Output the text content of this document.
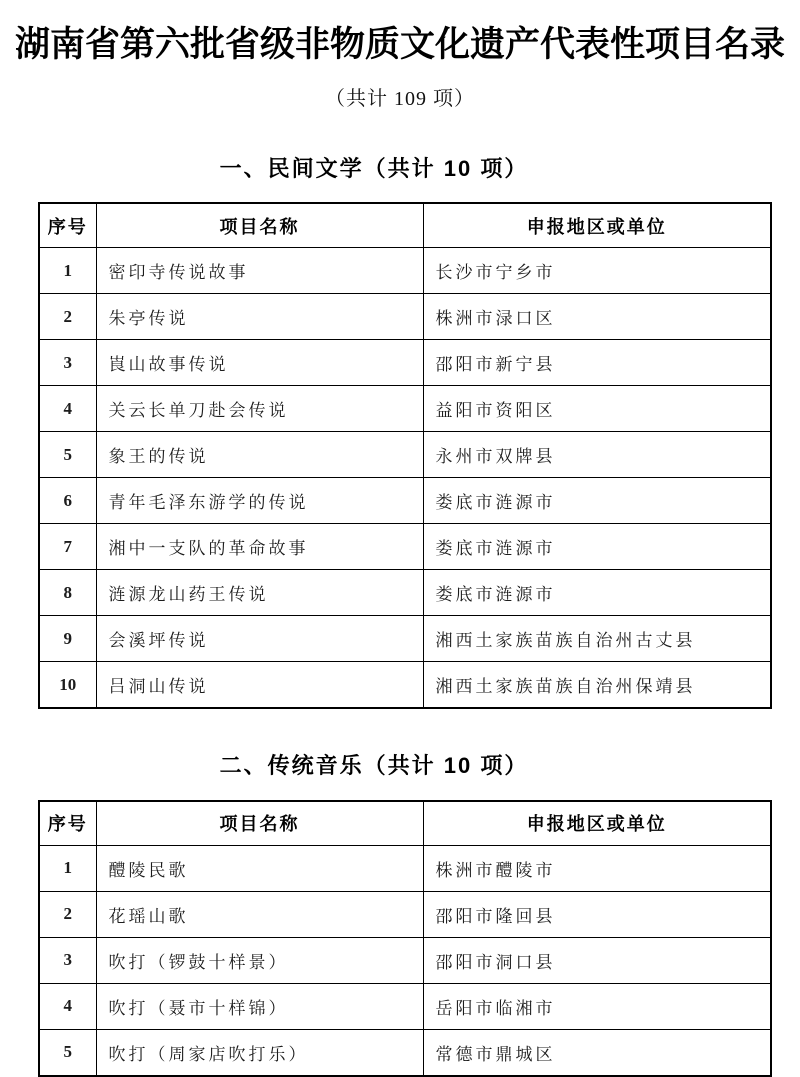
湖南省第六批省级非物质文化遗产代表性项目名录
（共计 109 项）
一、民间文学（共计 10 项）
序号	项目名称	申报地区或单位
1	密印寺传说故事	长沙市宁乡市
2	朱亭传说	株洲市渌口区
3	崀山故事传说	邵阳市新宁县
4	关云长单刀赴会传说	益阳市资阳区
5	象王的传说	永州市双牌县
6	青年毛泽东游学的传说	娄底市涟源市
7	湘中一支队的革命故事	娄底市涟源市
8	涟源龙山药王传说	娄底市涟源市
9	会溪坪传说	湘西土家族苗族自治州古丈县
10	吕洞山传说	湘西土家族苗族自治州保靖县
二、传统音乐（共计 10 项）
序号	项目名称	申报地区或单位
1	醴陵民歌	株洲市醴陵市
2	花瑶山歌	邵阳市隆回县
3	吹打（锣鼓十样景）	邵阳市洞口县
4	吹打（聂市十样锦）	岳阳市临湘市
5	吹打（周家店吹打乐）	常德市鼎城区
